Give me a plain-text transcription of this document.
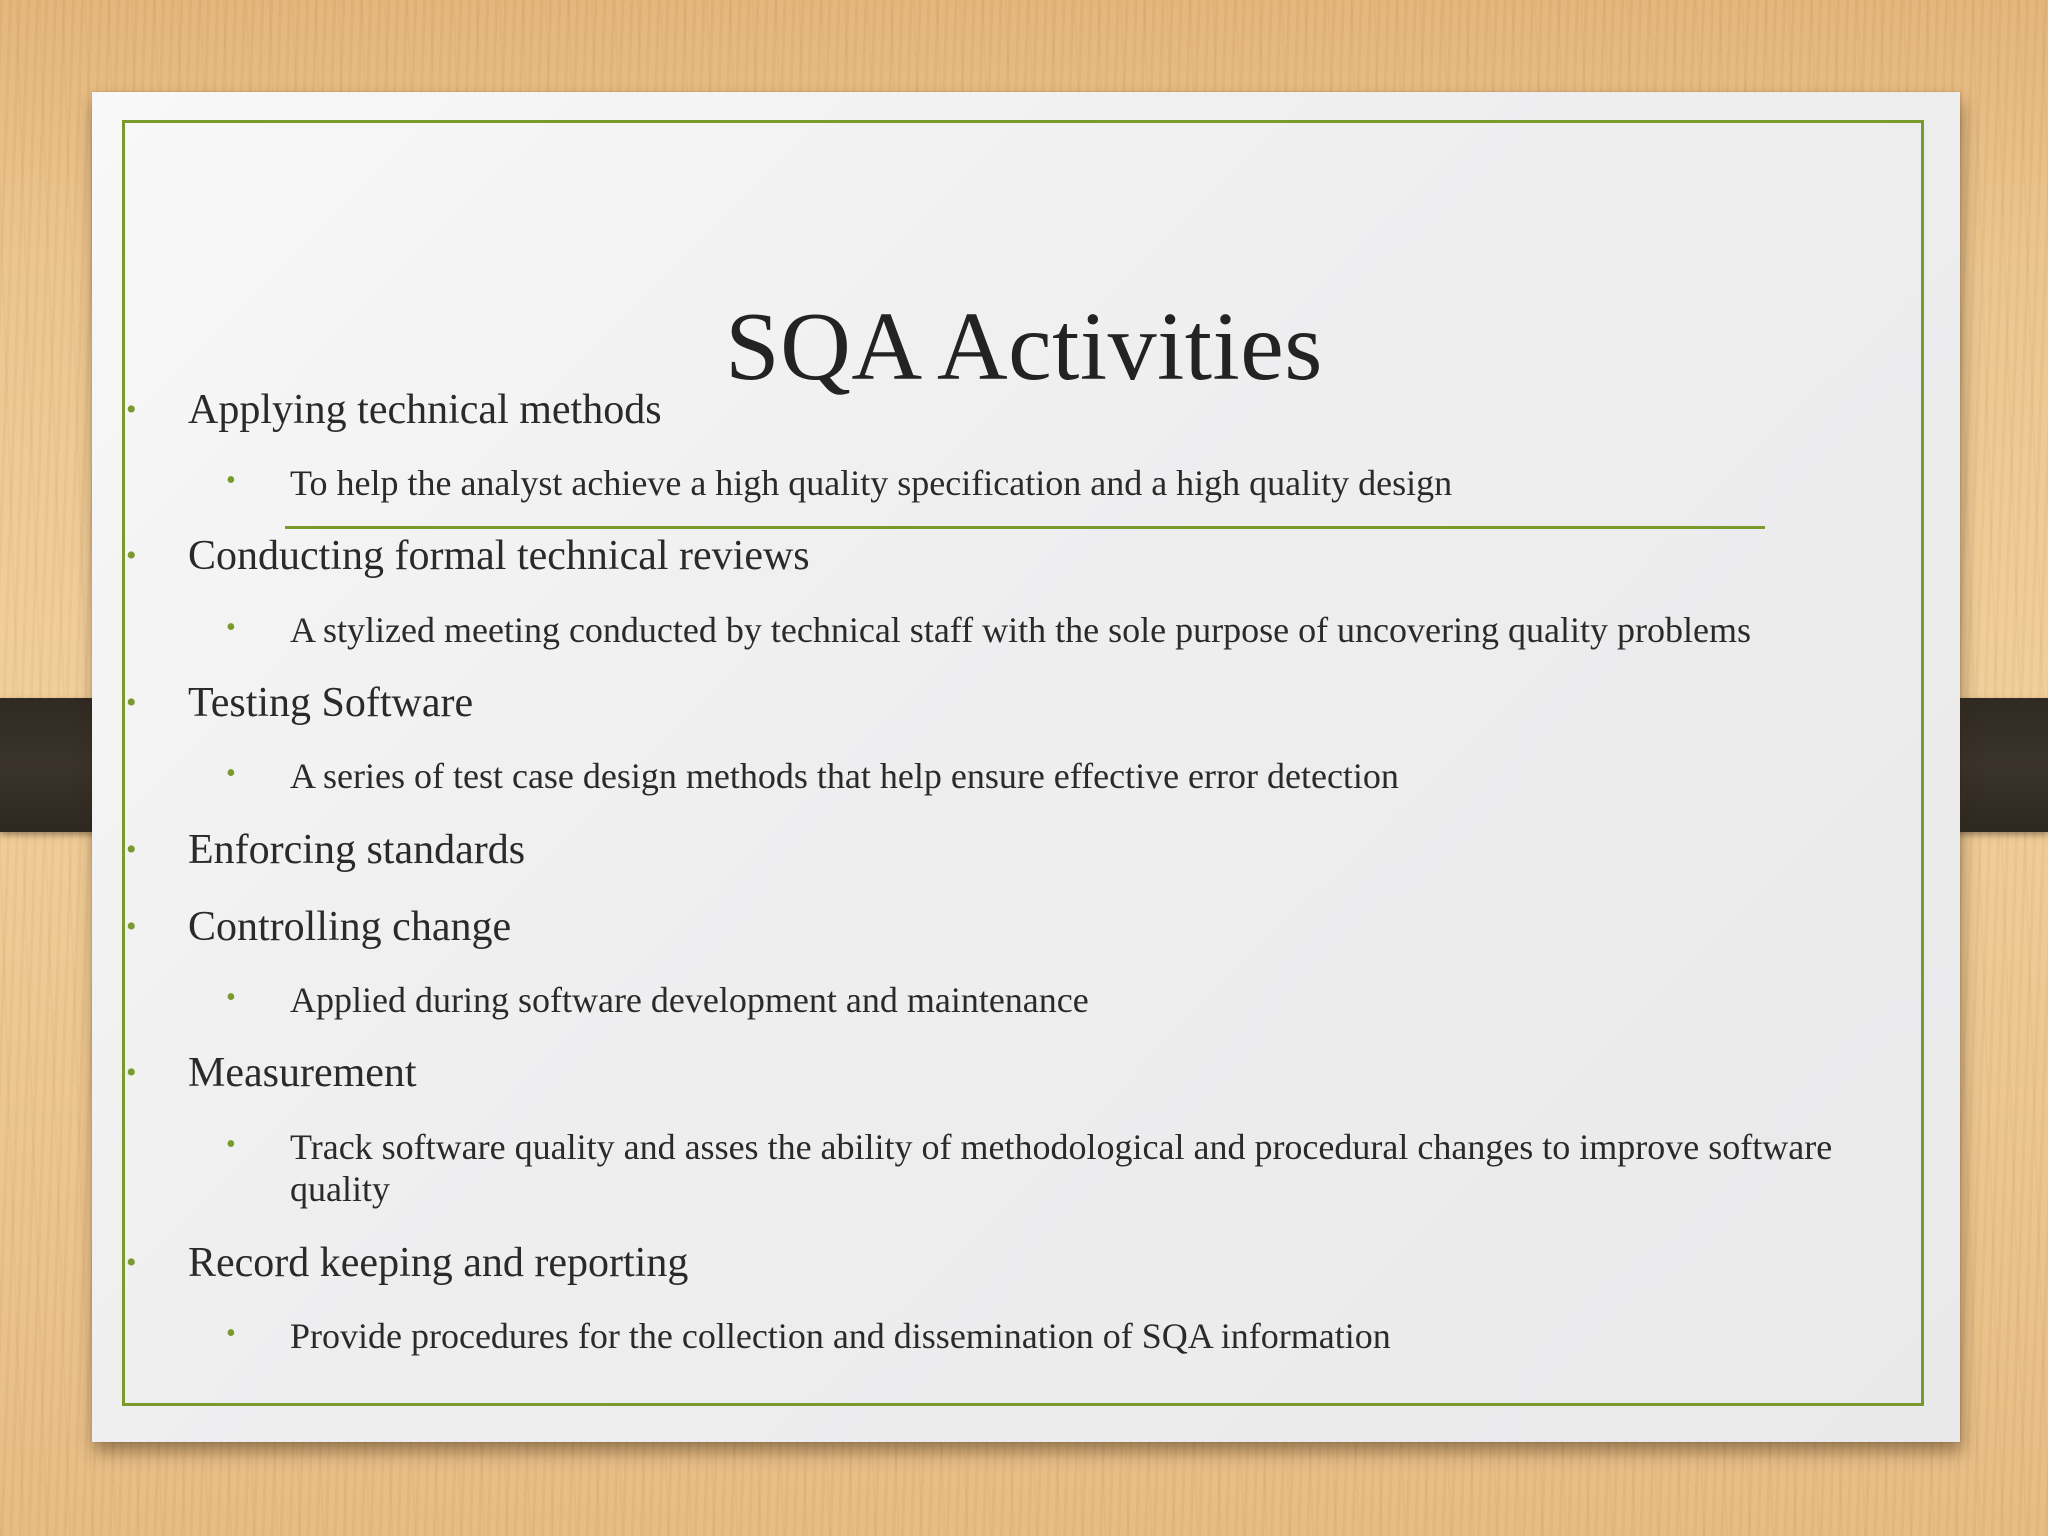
SQA Activities
• Applying technical methods
• To help the analyst achieve a high quality specification and a high quality design
• Conducting formal technical reviews
• A stylized meeting conducted by technical staff with the sole purpose of uncovering quality problems
• Testing Software
• A series of test case design methods that help ensure effective error detection
• Enforcing standards
• Controlling change
• Applied during software development and maintenance
• Measurement
• Track software quality and asses the ability of methodological and procedural changes to improve software quality
• Record keeping and reporting
• Provide procedures for the collection and dissemination of SQA information
